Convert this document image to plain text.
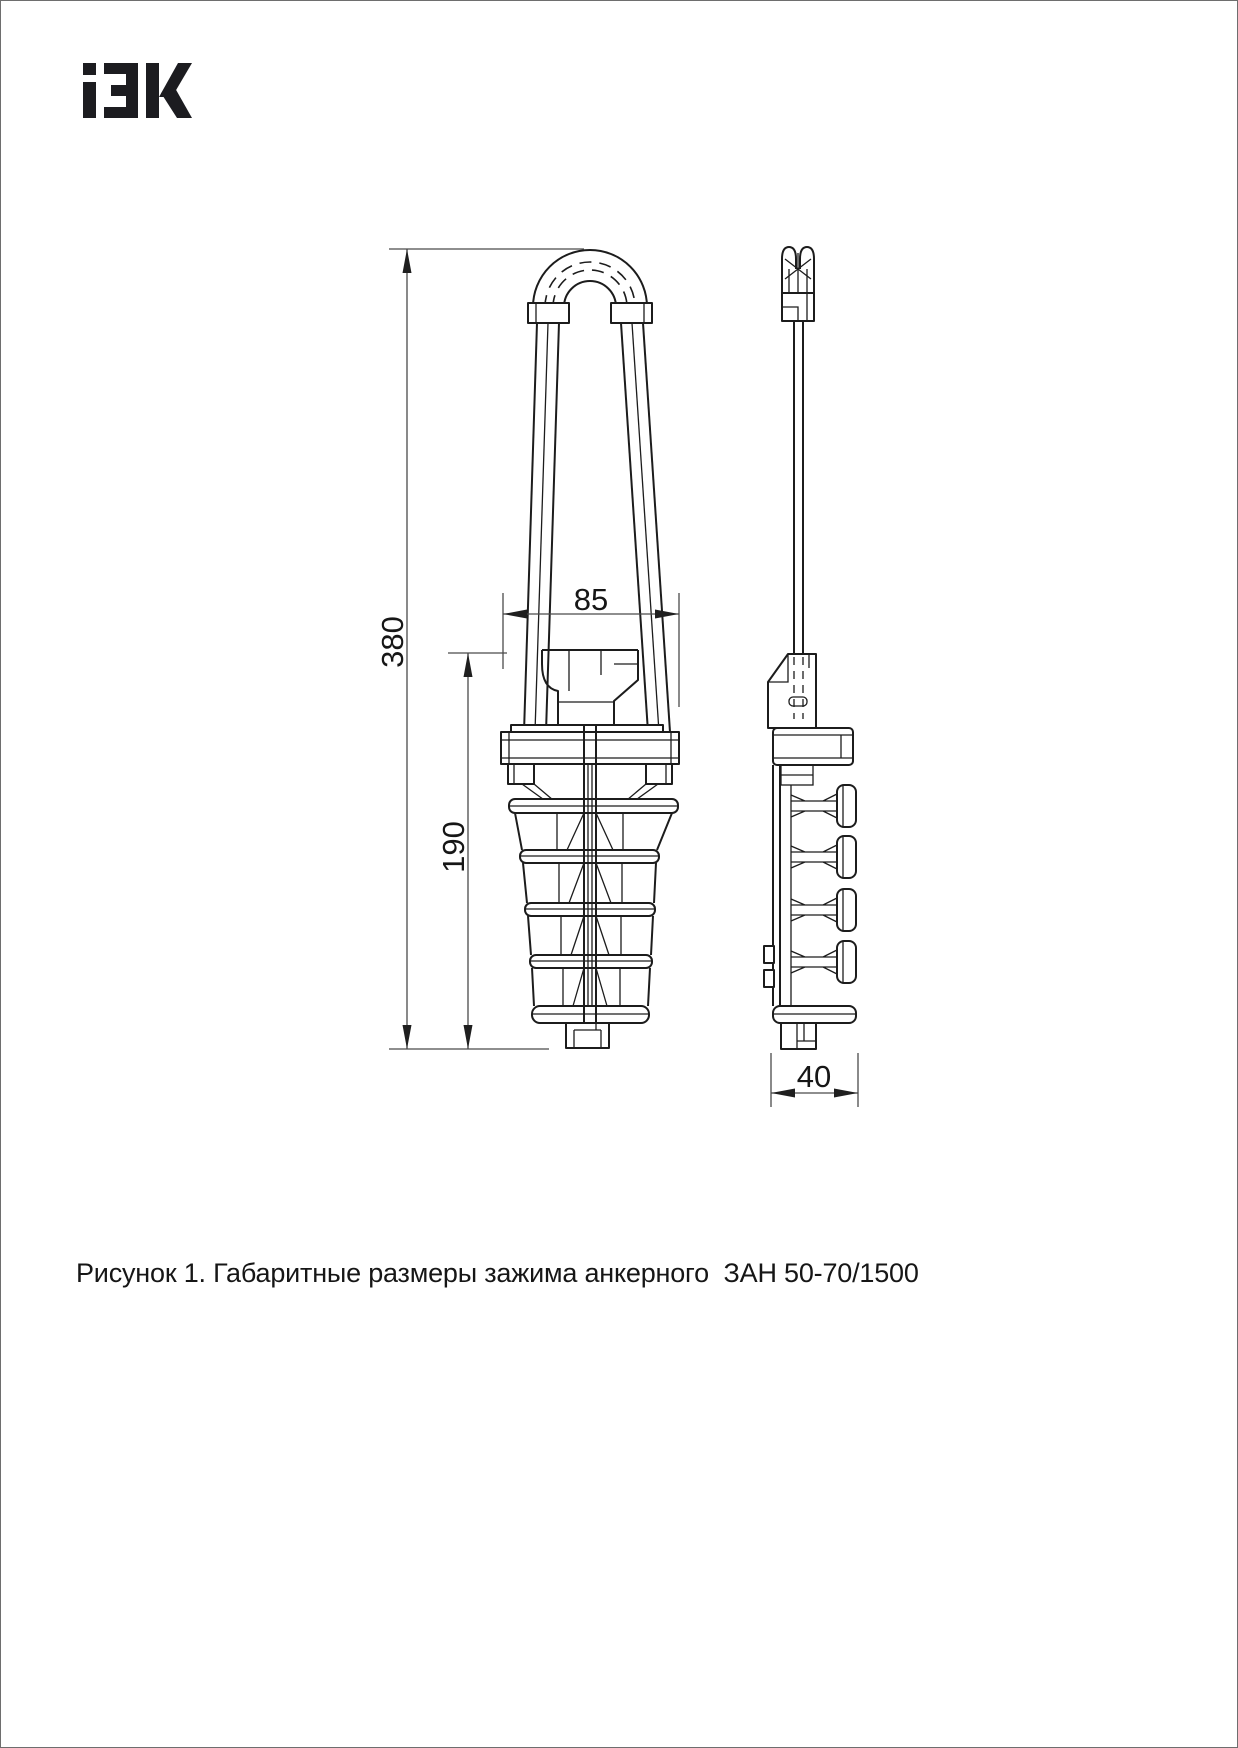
380
190
85
40
Рисунок 1. Габаритные размеры зажима анкерного  ЗАН 50-70/1500
